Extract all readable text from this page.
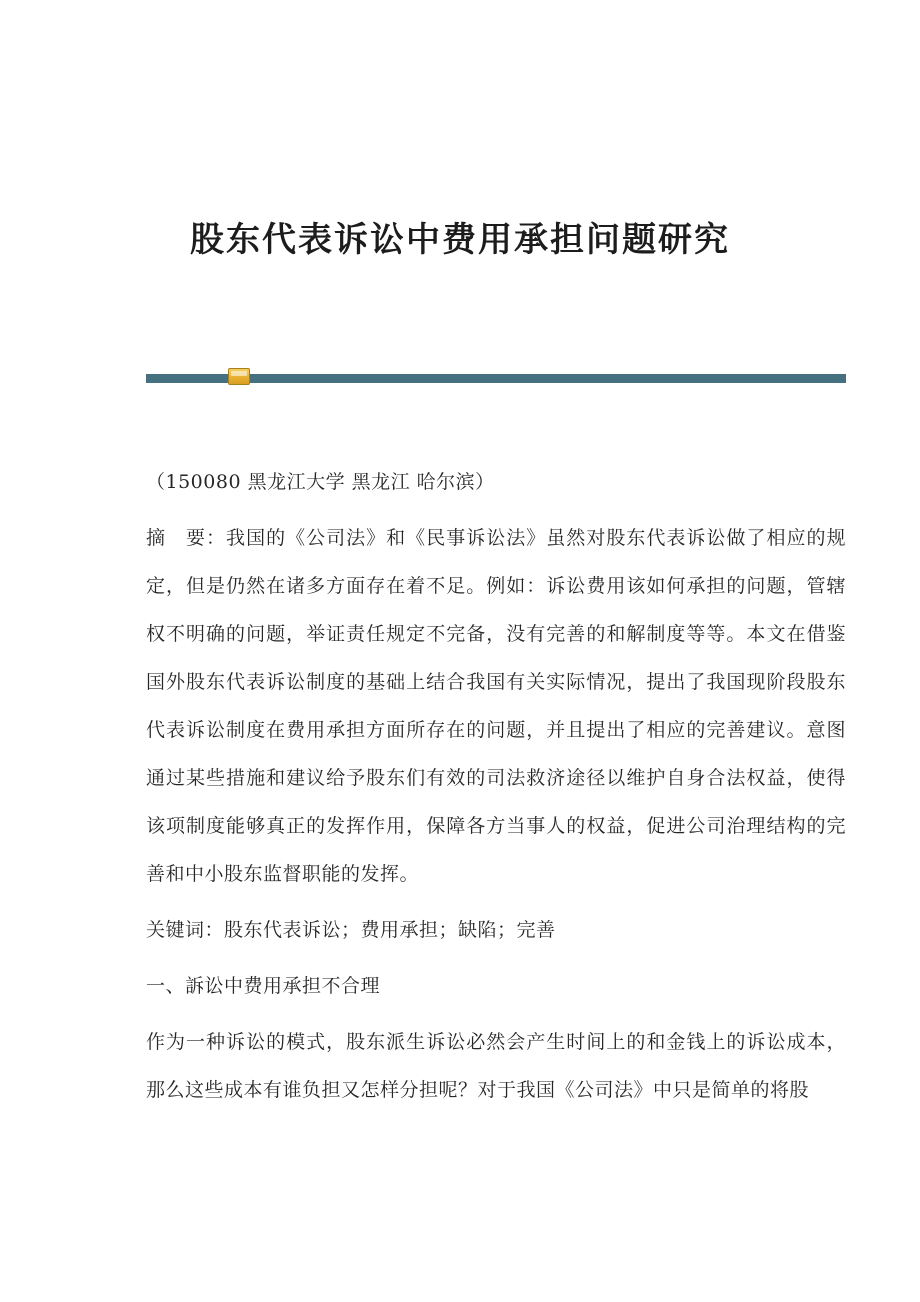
股东代表诉讼中费用承担问题研究

（150080 黑龙江大学 黑龙江 哈尔滨）

摘　要：我国的《公司法》和《民事诉讼法》虽然对股东代表诉讼做了相应的规定，但是仍然在诸多方面存在着不足。例如：诉讼费用该如何承担的问题，管辖权不明确的问题，举证责任规定不完备，没有完善的和解制度等等。本文在借鉴国外股东代表诉讼制度的基础上结合我国有关实际情况，提出了我国现阶段股东代表诉讼制度在费用承担方面所存在的问题，并且提出了相应的完善建议。意图通过某些措施和建议给予股东们有效的司法救济途径以维护自身合法权益，使得该项制度能够真正的发挥作用，保障各方当事人的权益，促进公司治理结构的完善和中小股东监督职能的发挥。

关键词：股东代表诉讼；费用承担；缺陷；完善

一、訴讼中费用承担不合理

作为一种诉讼的模式，股东派生诉讼必然会产生时间上的和金钱上的诉讼成本，那么这些成本有谁负担又怎样分担呢？对于我国《公司法》中只是简单的将股
